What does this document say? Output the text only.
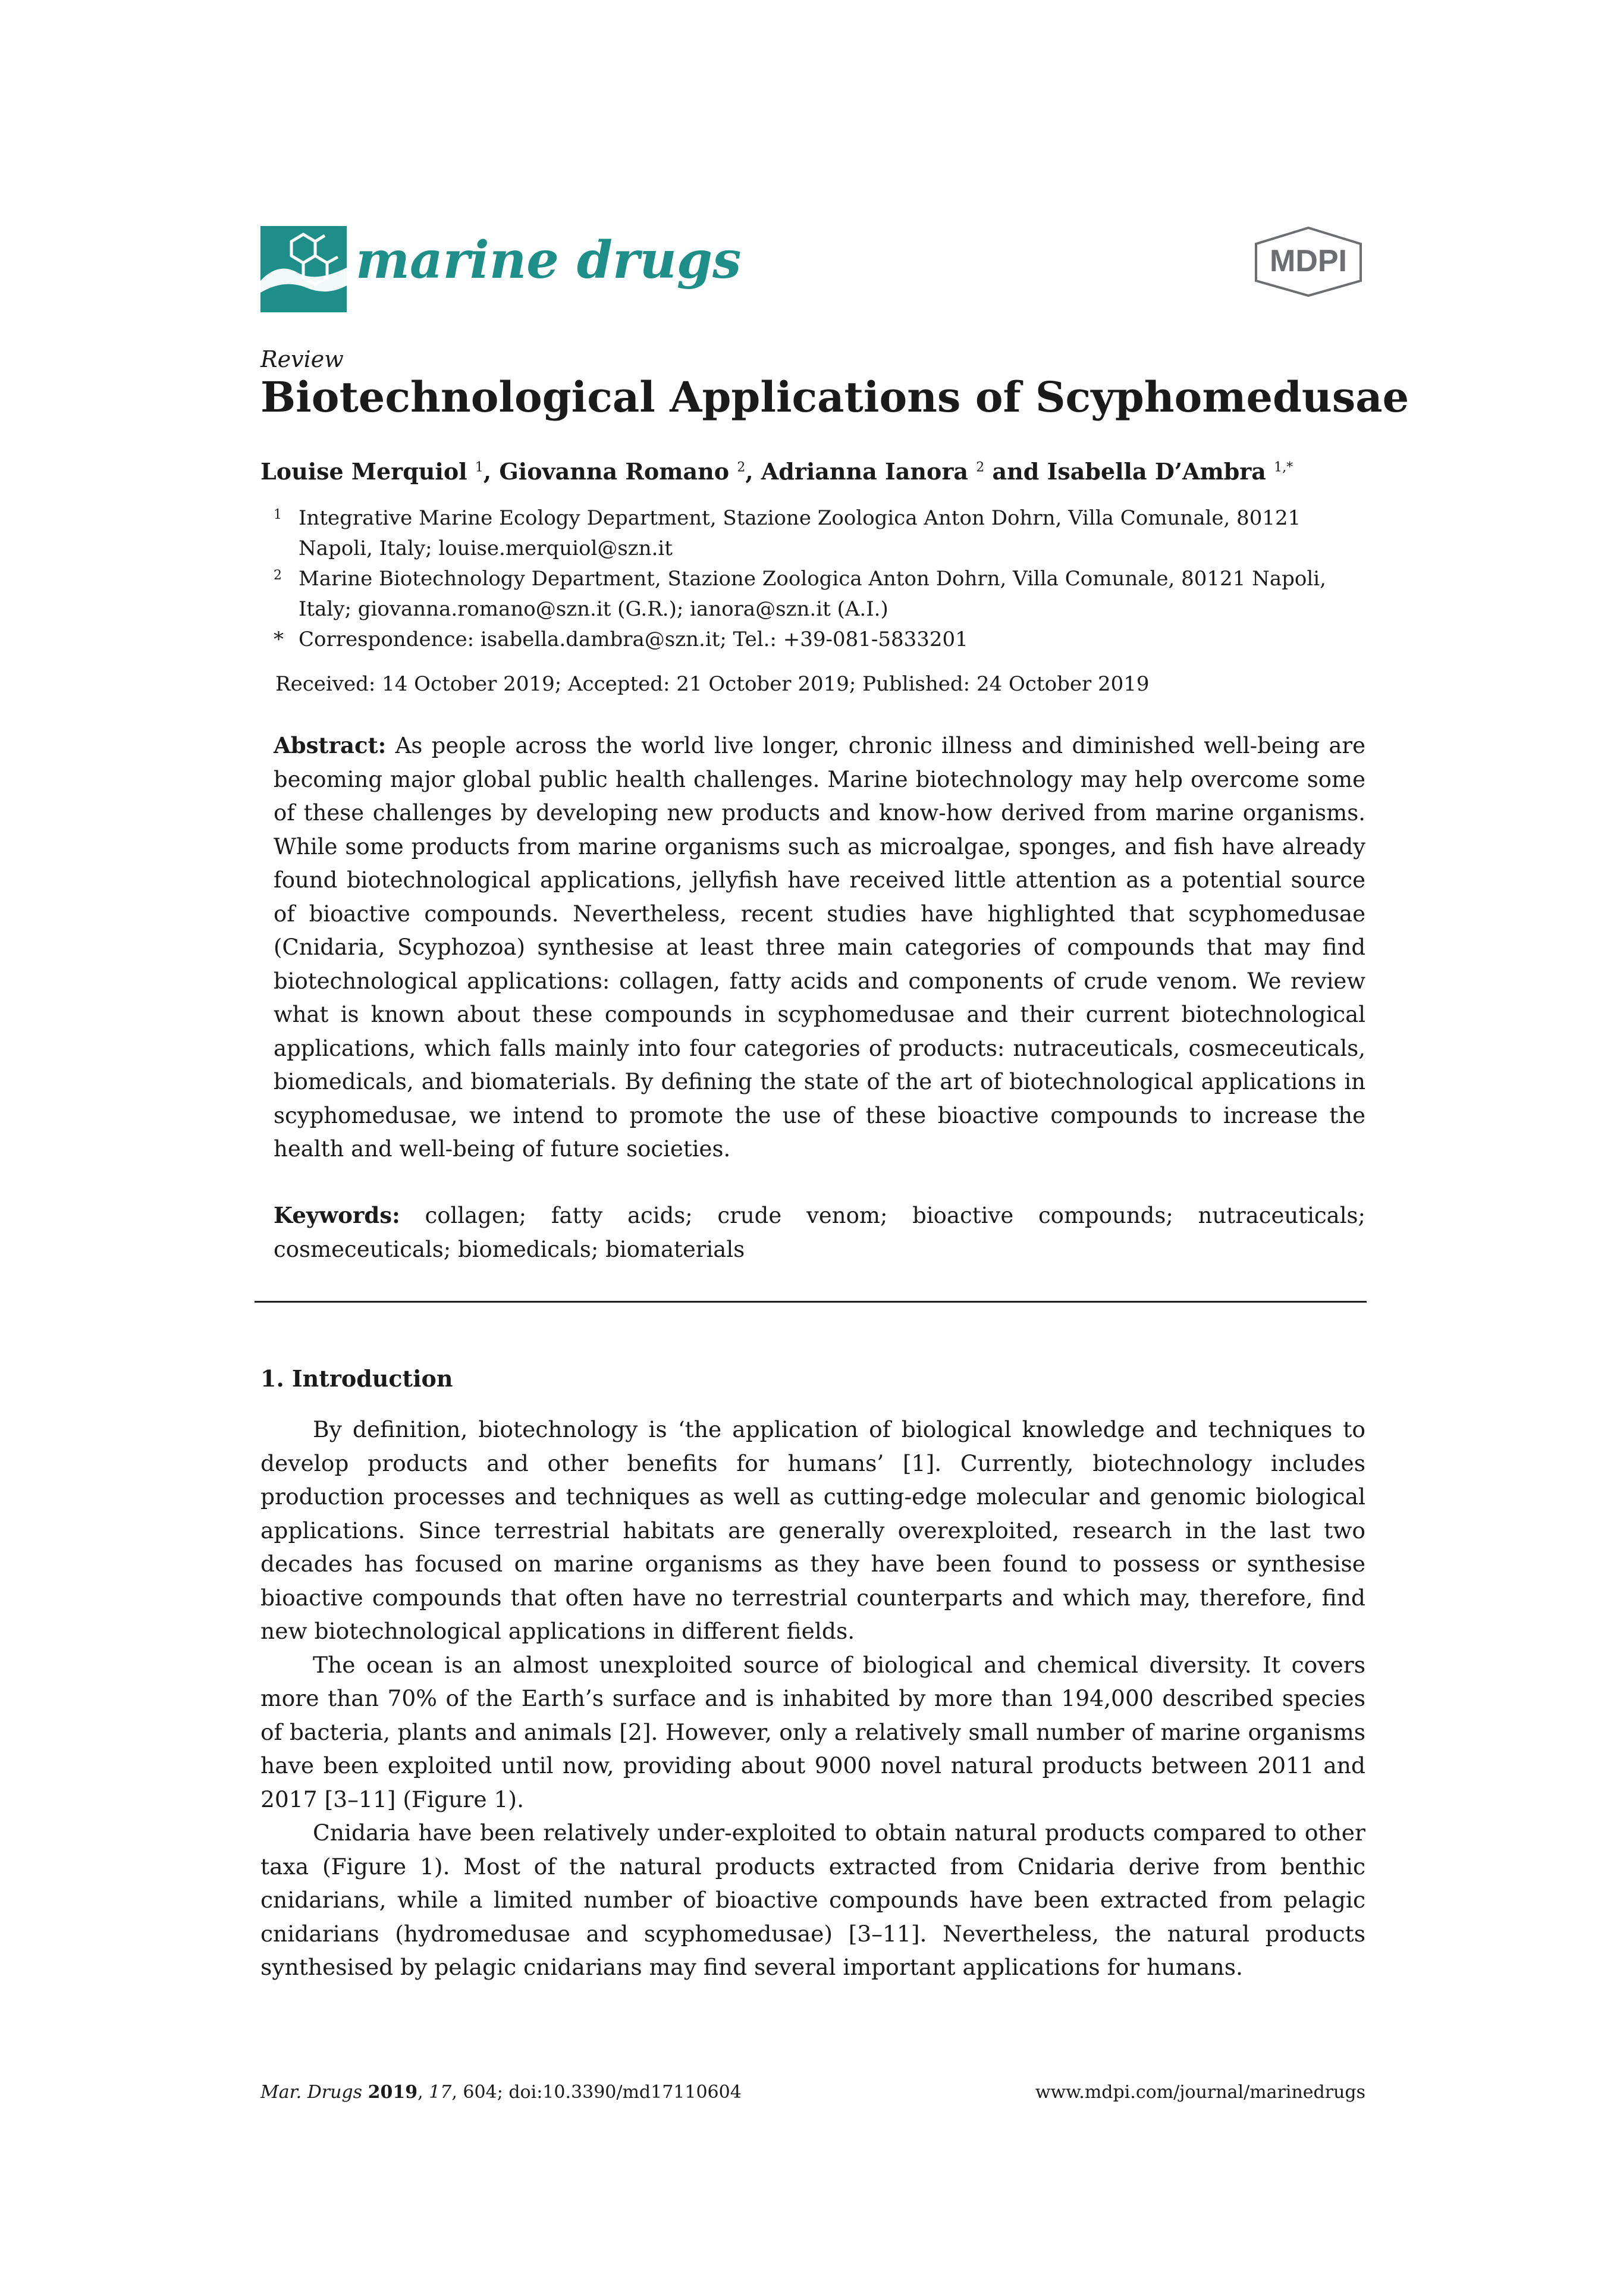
marine drugs	MDPI
Review
Biotechnological Applications of Scyphomedusae
Louise Merquiol $^1$, Giovanna Romano $^2$, Adrianna Ianora $^2$ and Isabella D’Ambra $^{1,*}$
1 Integrative Marine Ecology Department, Stazione Zoologica Anton Dohrn, Villa Comunale, 80121 Napoli, Italy; louise.merquiol@szn.it
2 Marine Biotechnology Department, Stazione Zoologica Anton Dohrn, Villa Comunale, 80121 Napoli, Italy; giovanna.romano@szn.it (G.R.); ianora@szn.it (A.I.)
* Correspondence: isabella.dambra@szn.it; Tel.: +39-081-5833201
Received: 14 October 2019; Accepted: 21 October 2019; Published: 24 October 2019
Abstract: As people across the world live longer, chronic illness and diminished well-being are becoming major global public health challenges. Marine biotechnology may help overcome some of these challenges by developing new products and know-how derived from marine organisms. While some products from marine organisms such as microalgae, sponges, and fish have already found biotechnological applications, jellyfish have received little attention as a potential source of bioactive compounds. Nevertheless, recent studies have highlighted that scyphomedusae (Cnidaria, Scyphozoa) synthesise at least three main categories of compounds that may find biotechnological applications: collagen, fatty acids and components of crude venom. We review what is known about these compounds in scyphomedusae and their current biotechnological applications, which falls mainly into four categories of products: nutraceuticals, cosmeceuticals, biomedicals, and biomaterials. By defining the state of the art of biotechnological applications in scyphomedusae, we intend to promote the use of these bioactive compounds to increase the health and well-being of future societies.
Keywords: collagen; fatty acids; crude venom; bioactive compounds; nutraceuticals; cosmeceuticals; biomedicals; biomaterials
1. Introduction

By definition, biotechnology is ‘the application of biological knowledge and techniques to develop products and other benefits for humans’ [1]. Currently, biotechnology includes production processes and techniques as well as cutting-edge molecular and genomic biological applications. Since terrestrial habitats are generally overexploited, research in the last two decades has focused on marine organisms as they have been found to possess or synthesise bioactive compounds that often have no terrestrial counterparts and which may, therefore, find new biotechnological applications in different fields.

The ocean is an almost unexploited source of biological and chemical diversity. It covers more than 70% of the Earth’s surface and is inhabited by more than 194,000 described species of bacteria, plants and animals [2]. However, only a relatively small number of marine organisms have been exploited until now, providing about 9000 novel natural products between 2011 and 2017 [3–11] (Figure 1).

Cnidaria have been relatively under-exploited to obtain natural products compared to other taxa (Figure 1). Most of the natural products extracted from Cnidaria derive from benthic cnidarians, while a limited number of bioactive compounds have been extracted from pelagic cnidarians (hydromedusae and scyphomedusae) [3–11]. Nevertheless, the natural products synthesised by pelagic cnidarians may find several important applications for humans.

Mar. Drugs 2019, 17, 604; doi:10.3390/md17110604	www.mdpi.com/journal/marinedrugs
